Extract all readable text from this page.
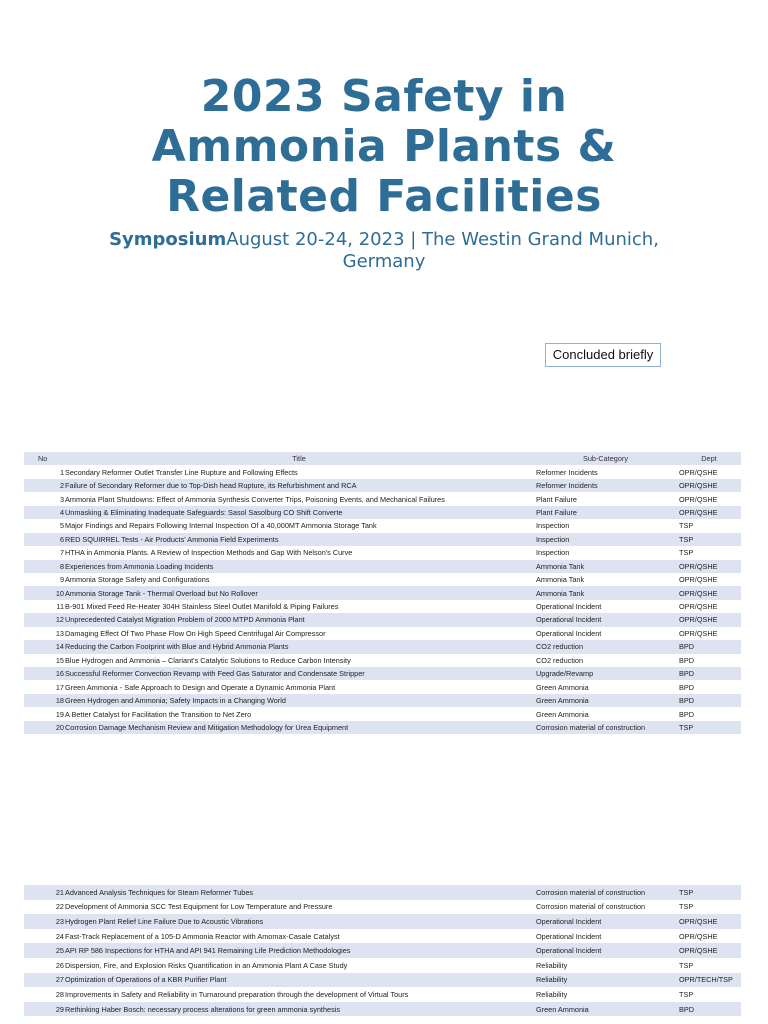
2023 Safety in
Ammonia Plants &
Related Facilities
SymposiumAugust 20-24, 2023 | The Westin Grand Munich, Germany
Concluded briefly
No	Title	Sub-Category	Dept
1	Secondary Reformer Outlet Transfer Line Rupture and Following Effects	Reformer Incidents	OPR/QSHE
2	Failure of Secondary Reformer due to Top-Dish head Rupture, its Refurbishment and RCA	Reformer Incidents	OPR/QSHE
3	Ammonia Plant Shutdowns: Effect of Ammonia Synthesis Converter Trips, Poisoning Events, and Mechanical Failures	Plant Failure	OPR/QSHE
4	Unmasking & Eliminating Inadequate Safeguards: Sasol Sasolburg CO Shift Converte	Plant Failure	OPR/QSHE
5	Major Findings and Repairs Following Internal Inspection Of a 40,000MT Ammonia Storage Tank	Inspection	TSP
6	RED SQUIRREL Tests - Air Products' Ammonia Field Experiments	Inspection	TSP
7	HTHA in Ammonia Plants. A Review of Inspection Methods and Gap With Nelson's Curve	Inspection	TSP
8	Experiences from Ammonia Loading Incidents	Ammonia Tank	OPR/QSHE
9	Ammonia Storage Safety and Configurations	Ammonia Tank	OPR/QSHE
10	Ammonia Storage Tank - Thermal Overload but No Rollover	Ammonia Tank	OPR/QSHE
11	B-901 Mixed Feed Re-Heater 304H Stainless Steel Outlet Manifold & Piping Failures	Operational Incident	OPR/QSHE
12	Unprecedented Catalyst Migration Problem of 2000 MTPD Ammonia Plant	Operational Incident	OPR/QSHE
13	Damaging Effect Of Two Phase Flow On High Speed Centrifugal Air Compressor	Operational Incident	OPR/QSHE
14	Reducing the Carbon Footprint with Blue and Hybrid Ammonia Plants	CO2 reduction	BPD
15	Blue Hydrogen and Ammonia – Clariant's Catalytic Solutions to Reduce Carbon Intensity	CO2 reduction	BPD
16	Successful Reformer Convection Revamp with Feed Gas Saturator and Condensate Stripper	Upgrade/Revamp	BPD
17	Green Ammonia - Safe Approach to Design and Operate a Dynamic Ammonia Plant	Green Ammonia	BPD
18	Green Hydrogen and Ammonia; Safety Impacts in a Changing World	Green Ammonia	BPD
19	A Better Catalyst for Facilitation the Transition to Net Zero	Green Ammonia	BPD
20	Corrosion Damage Mechanism Review and Mitigation Methodology for Urea Equipment	Corrosion material of construction	TSP
21	Advanced Analysis Techniques for Steam Reformer Tubes	Corrosion material of construction	TSP
22	Development of Ammonia SCC Test Equipment for Low Temperature and Pressure	Corrosion material of construction	TSP
23	Hydrogen Plant Relief Line Failure Due to Acoustic Vibrations	Operational Incident	OPR/QSHE
24	Fast-Track Replacement of a 105-D Ammonia Reactor with Amomax-Casale Catalyst	Operational Incident	OPR/QSHE
25	API RP 586 Inspections for HTHA and API 941 Remaining Life Prediction Methodologies	Operational Incident	OPR/QSHE
26	Dispersion, Fire, and Explosion Risks Quantification in an Ammonia Plant A Case Study	Reliability	TSP
27	Optimization of Operations of a KBR Purifier Plant	Reliability	OPR/TECH/TSP
28	Improvements in Safety and Reliability in Turnaround preparation through the development of Virtual Tours	Reliability	TSP
29	Rethinking Haber Bosch: necessary process alterations for green ammonia synthesis	Green Ammonia	BPD
